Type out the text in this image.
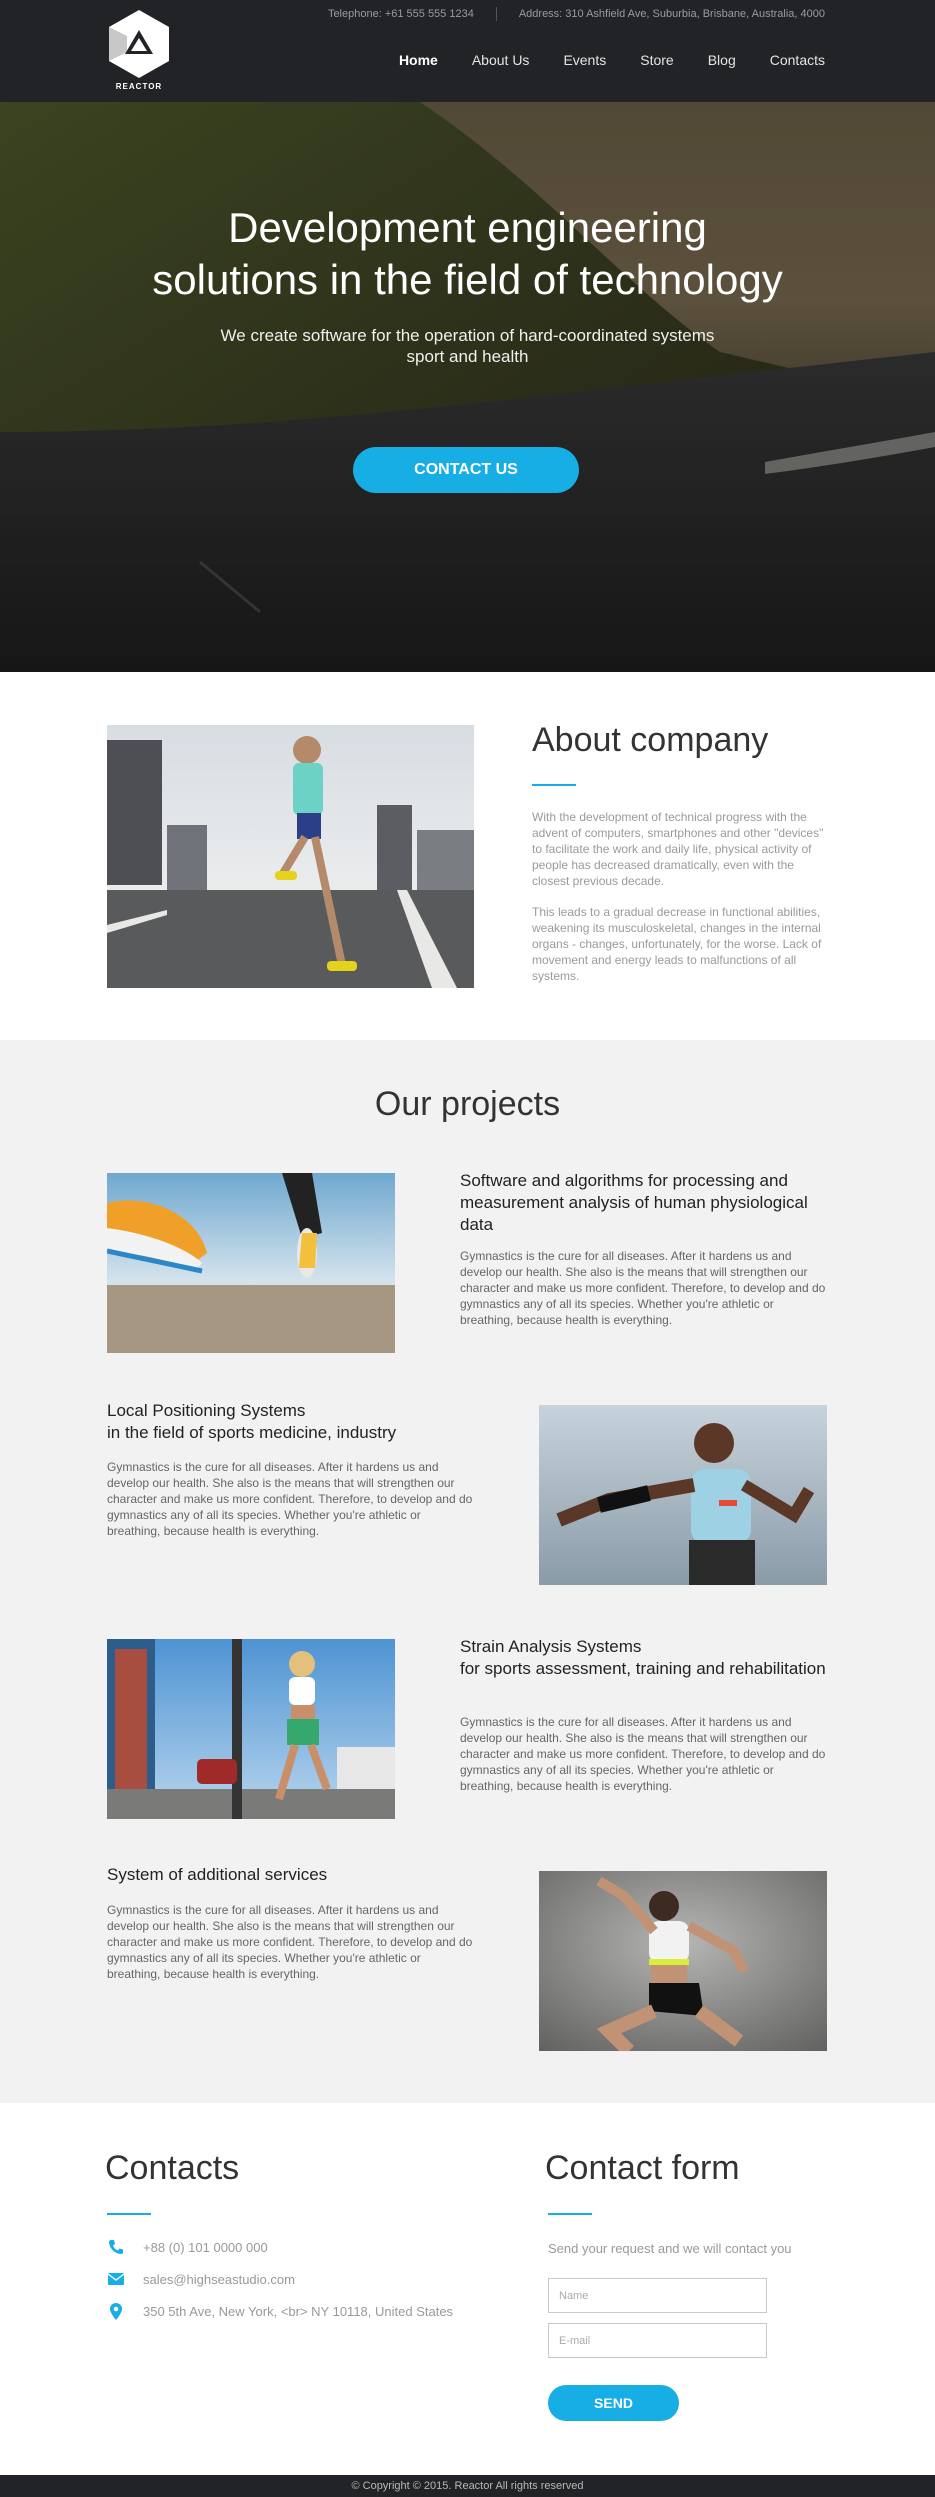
REACTOR
Telephone: +61 555 555 1234	Address: 310 Ashfield Ave, Suburbia, Brisbane, Australia, 4000
Home About Us Events Store Blog Contacts
Development engineering
solutions in the field of technology
We create software for the operation of hard-coordinated systems
sport and health
CONTACT US
About company

With the development of technical progress with the advent of computers, smartphones and other "devices" to facilitate the work and daily life, physical activity of people has decreased dramatically, even with the closest previous decade.

This leads to a gradual decrease in functional abilities, weakening its musculoskeletal, changes in the internal organs - changes, unfortunately, for the worse. Lack of movement and energy leads to malfunctions of all systems.

Our projects
Software and algorithms for processing and measurement analysis of human physiological data

Gymnastics is the cure for all diseases. After it hardens us and develop our health. She also is the means that will strengthen our character and make us more confident. Therefore, to develop and do gymnastics any of all its species. Whether you're athletic or breathing, because health is everything.

Local Positioning Systems
in the field of sports medicine, industry

Gymnastics is the cure for all diseases. After it hardens us and develop our health. She also is the means that will strengthen our character and make us more confident. Therefore, to develop and do gymnastics any of all its species. Whether you're athletic or breathing, because health is everything.

Strain Analysis Systems
for sports assessment, training and rehabilitation

Gymnastics is the cure for all diseases. After it hardens us and develop our health. She also is the means that will strengthen our character and make us more confident. Therefore, to develop and do gymnastics any of all its species. Whether you're athletic or breathing, because health is everything.

System of additional services

Gymnastics is the cure for all diseases. After it hardens us and develop our health. She also is the means that will strengthen our character and make us more confident. Therefore, to develop and do gymnastics any of all its species. Whether you're athletic or breathing, because health is everything.

Contacts
+88 (0) 101 0000 000
sales@highseastudio.com
350 5th Ave, New York, <br> NY 10118, United States
Contact form
Send your request and we will contact you
Name
E-mail
SEND
© Copyright © 2015. Reactor All rights reserved
